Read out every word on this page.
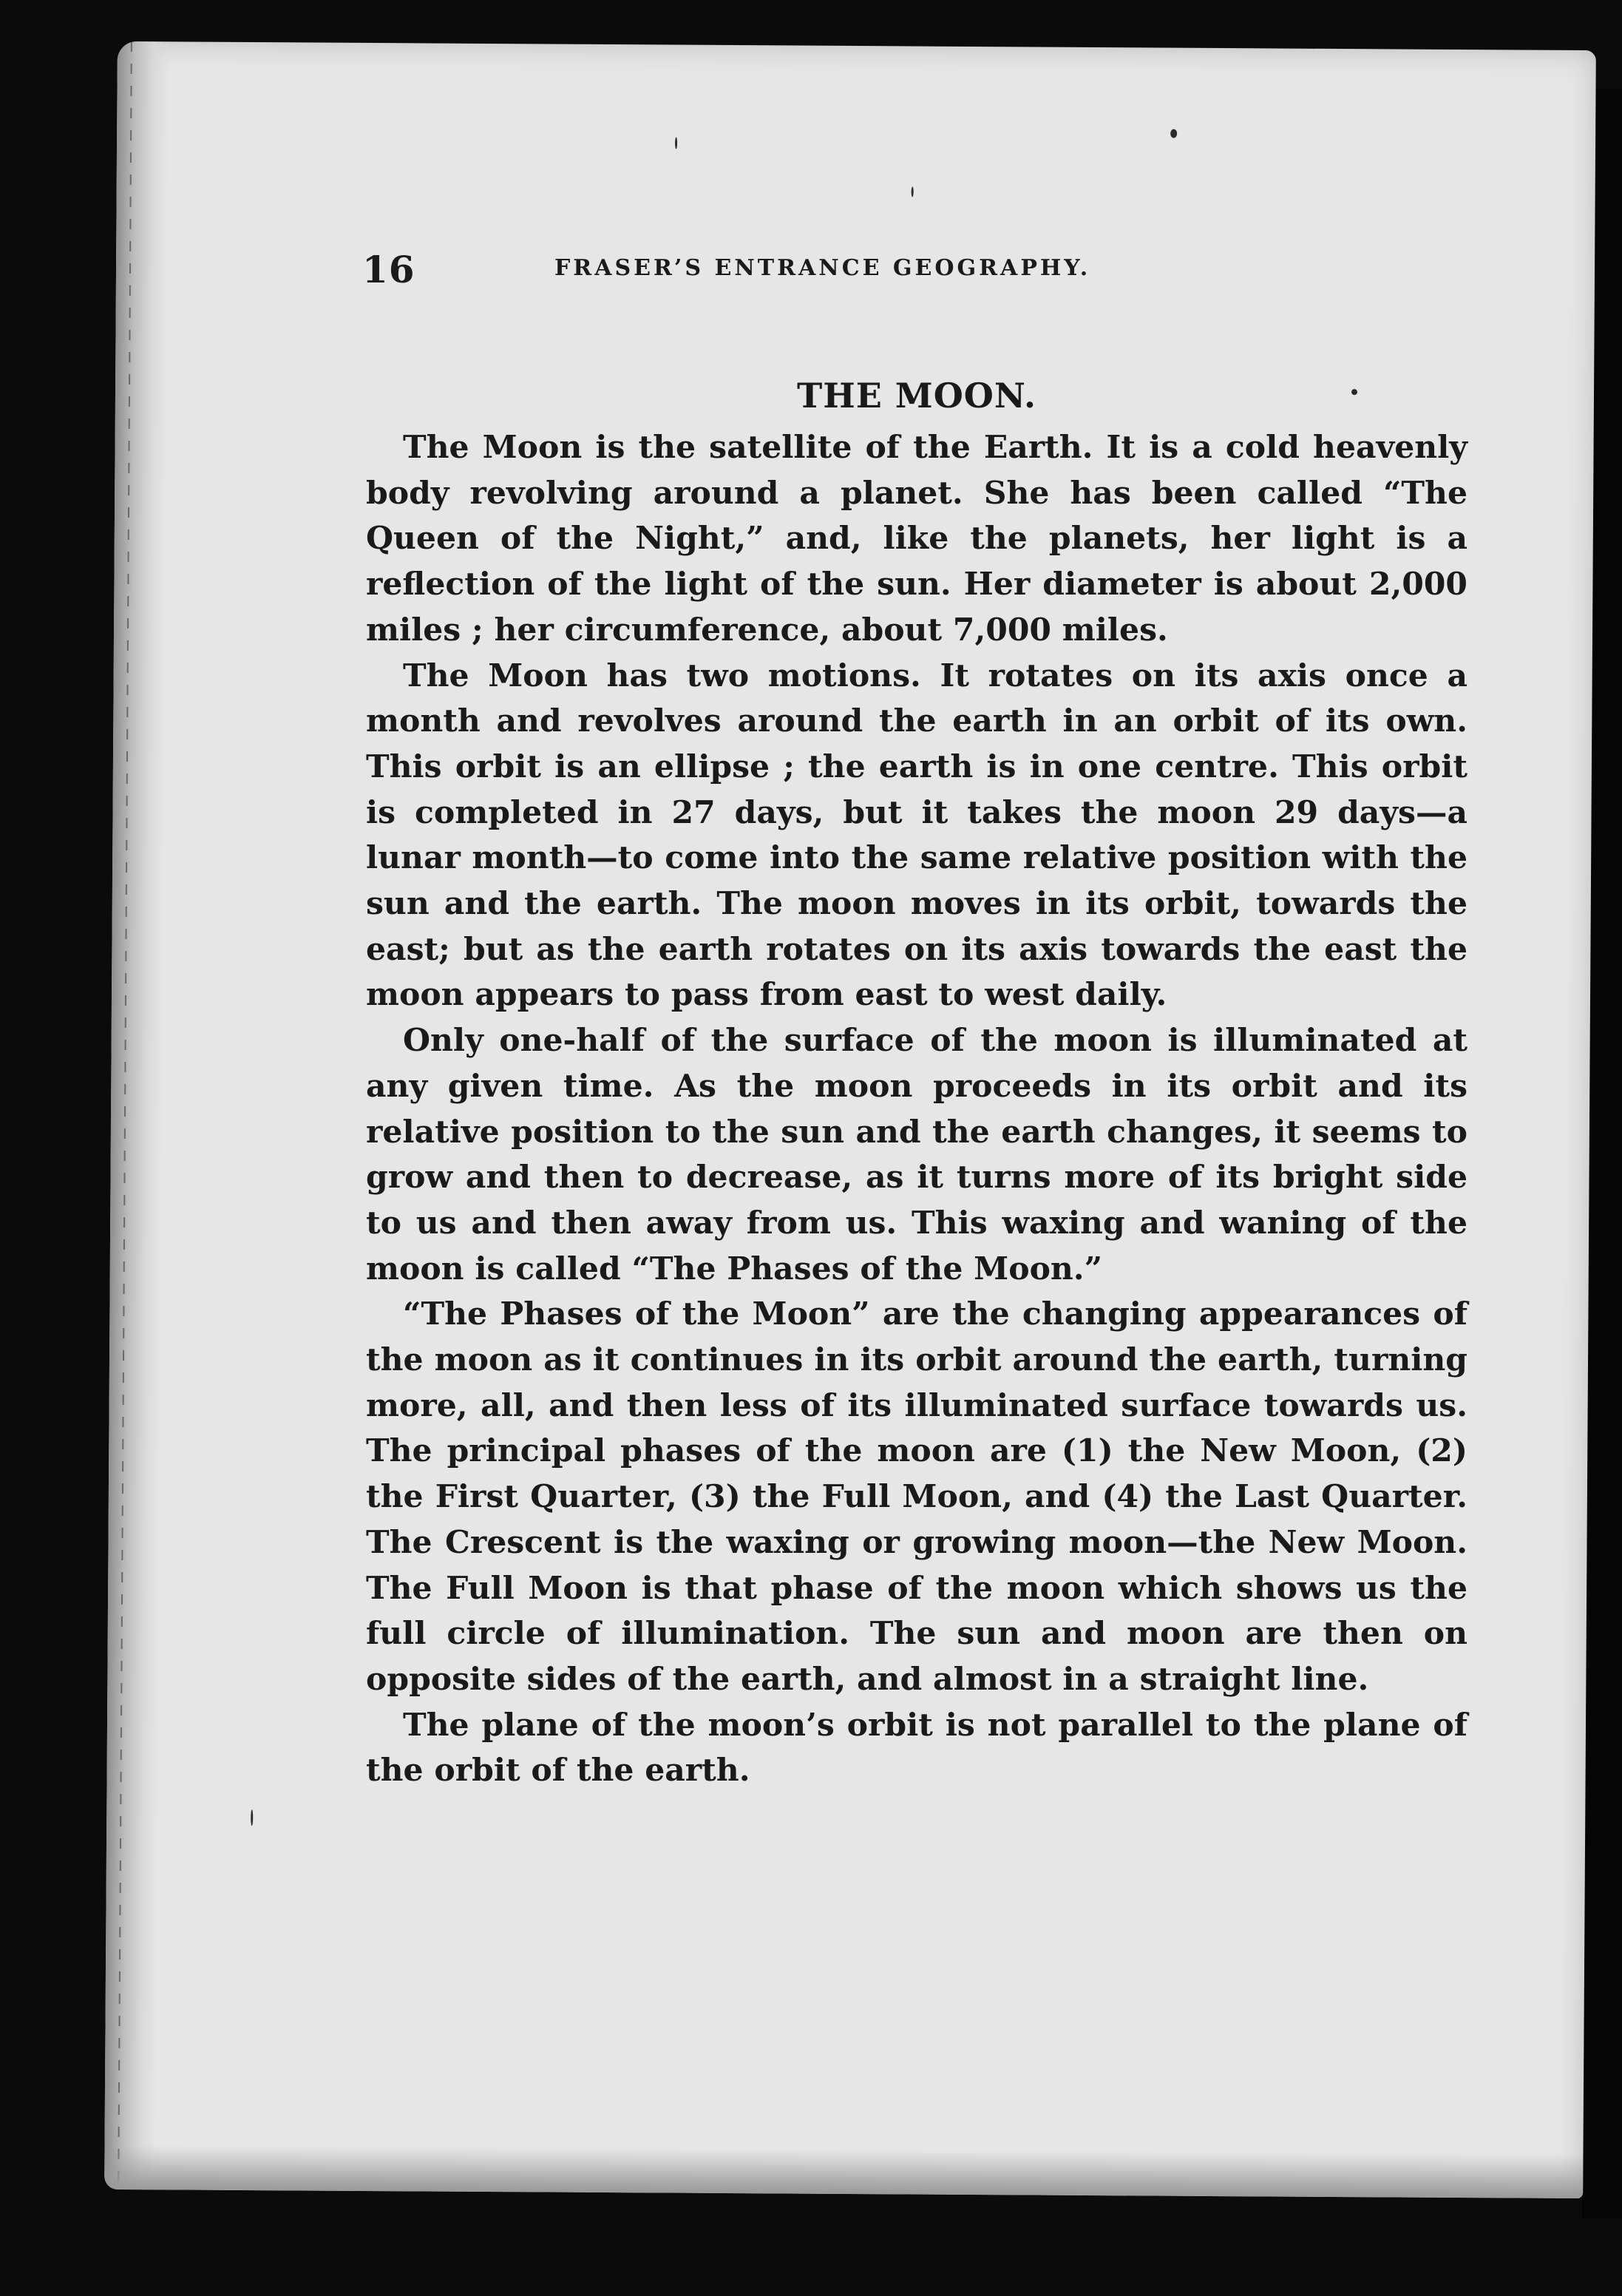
16	FRASER’S ENTRANCE GEOGRAPHY.
THE MOON.

The Moon is the satellite of the Earth. It is a cold heavenly body revolving around a planet. She has been called “The Queen of the Night,” and, like the planets, her light is a reflection of the light of the sun. Her diameter is about 2,000 miles ; her circumference, about 7,000 miles.

The Moon has two motions. It rotates on its axis once a month and revolves around the earth in an orbit of its own. This orbit is an ellipse ; the earth is in one centre. This orbit is completed in 27 days, but it takes the moon 29 days—a lunar month—to come into the same relative position with the sun and the earth. The moon moves in its orbit, towards the east; but as the earth rotates on its axis towards the east the moon appears to pass from east to west daily.

Only one-half of the surface of the moon is illuminated at any given time. As the moon proceeds in its orbit and its relative position to the sun and the earth changes, it seems to grow and then to decrease, as it turns more of its bright side to us and then away from us. This waxing and waning of the moon is called “The Phases of the Moon.”

“The Phases of the Moon” are the changing appearances of the moon as it continues in its orbit around the earth, turning more, all, and then less of its illuminated surface towards us. The principal phases of the moon are (1) the New Moon, (2) the First Quarter, (3) the Full Moon, and (4) the Last Quarter. The Crescent is the waxing or growing moon—the New Moon. The Full Moon is that phase of the moon which shows us the full circle of illumination. The sun and moon are then on opposite sides of the earth, and almost in a straight line.

The plane of the moon’s orbit is not parallel to the plane of the orbit of the earth.
